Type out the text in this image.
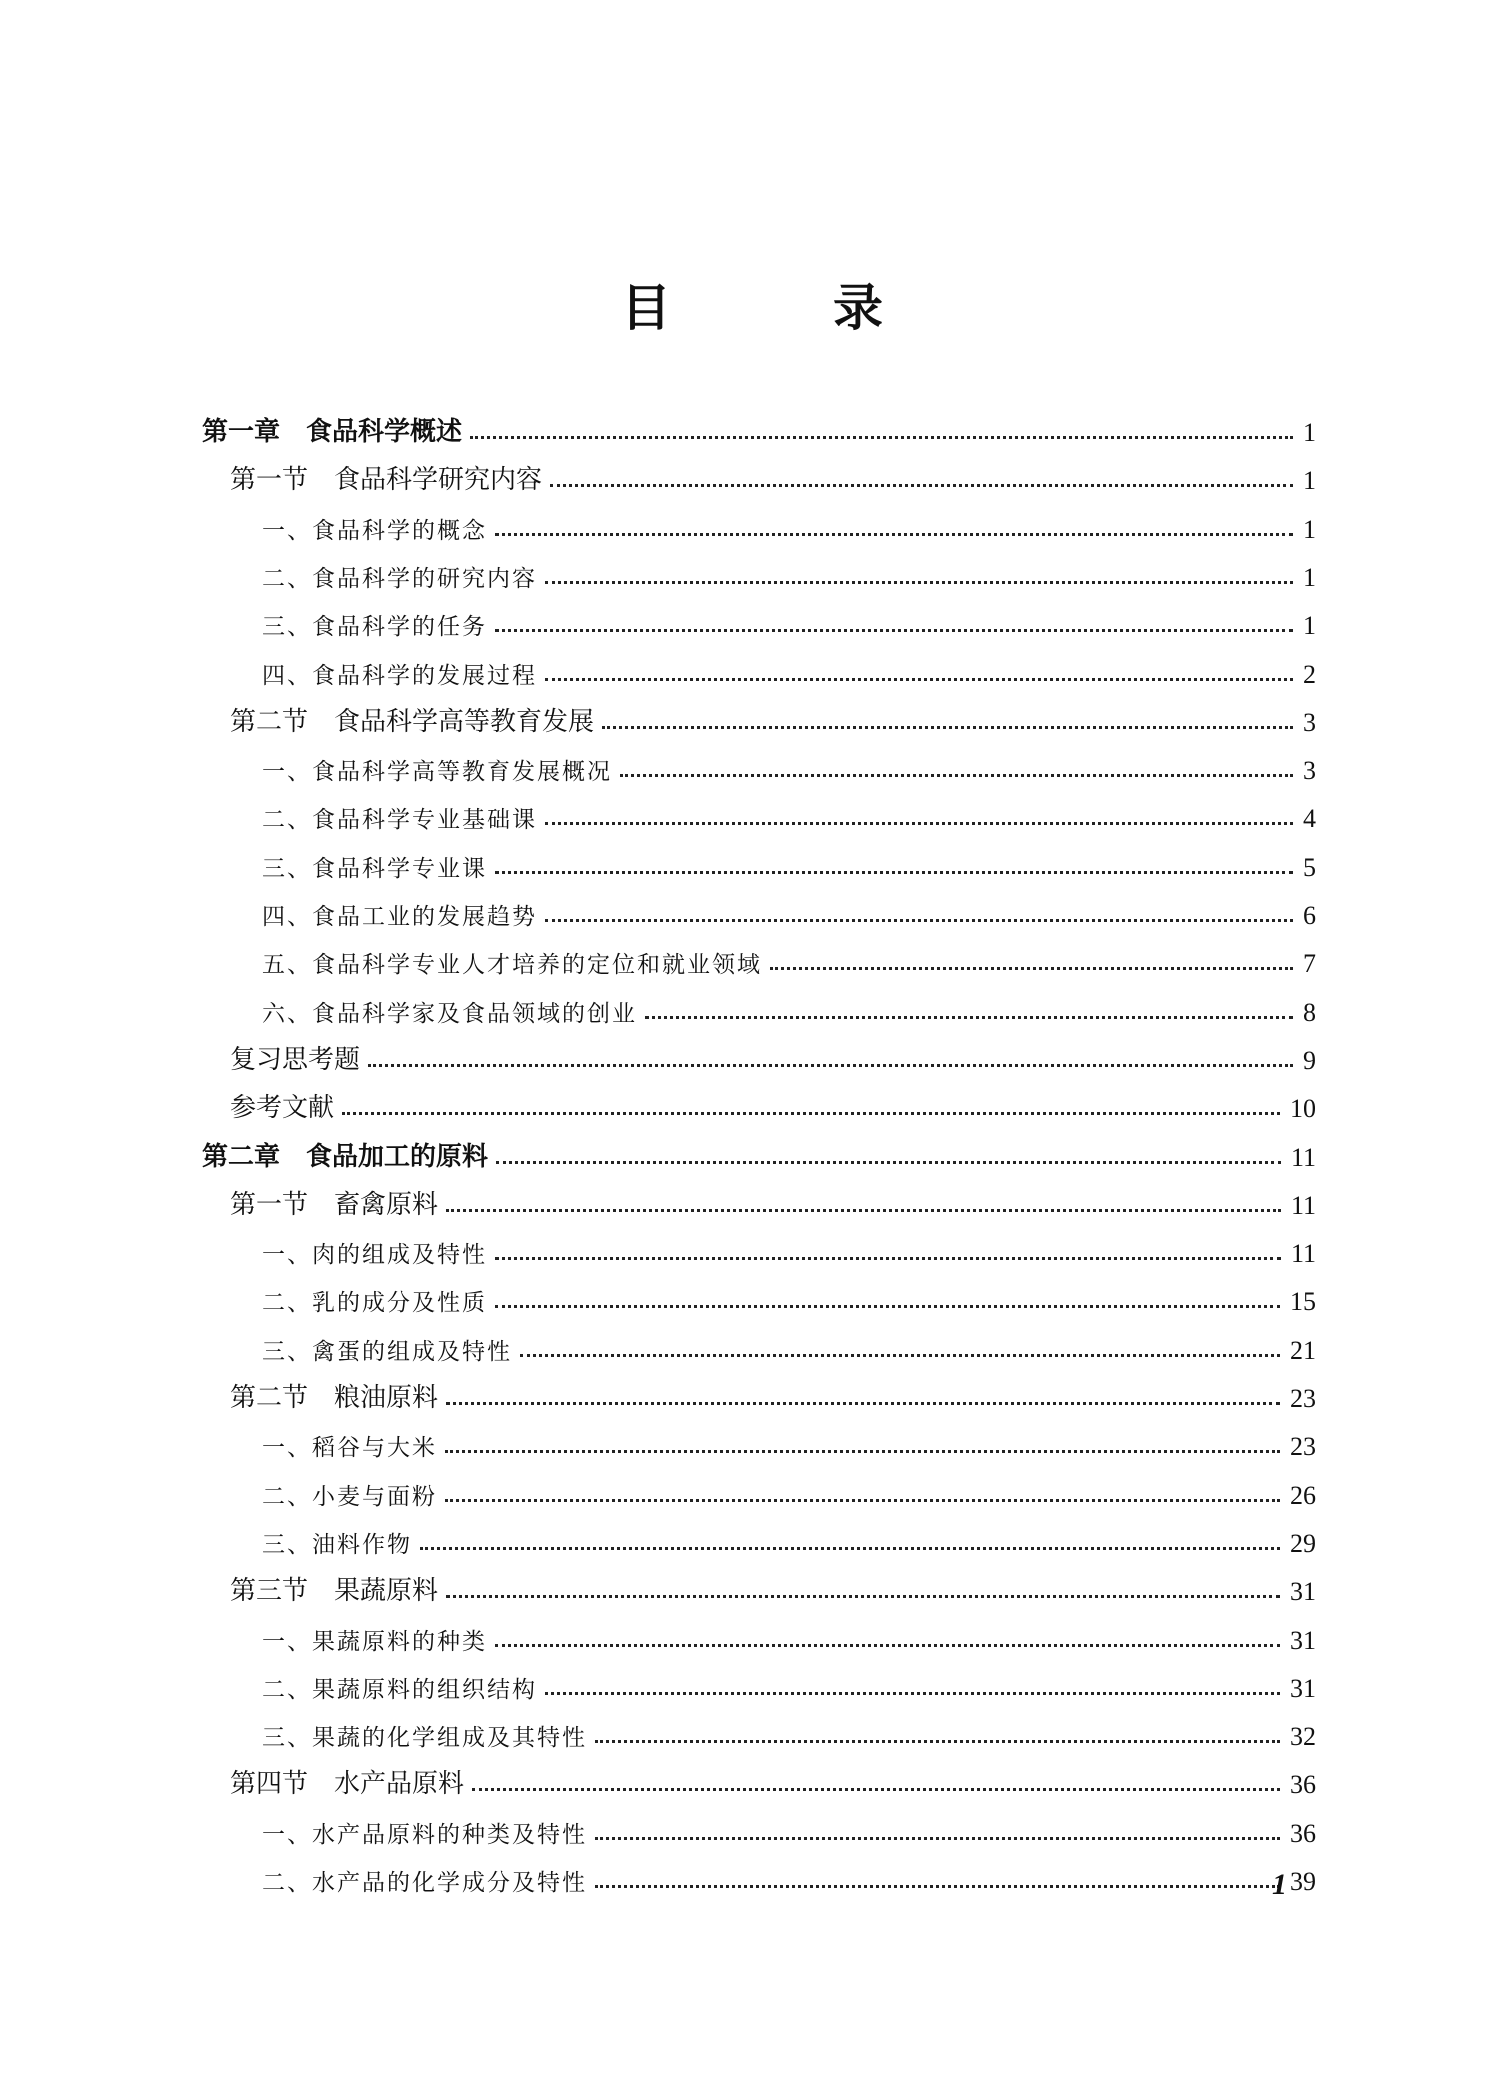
目　录
第一章　食品科学概述	1
第一节　食品科学研究内容	1
一、食品科学的概念	1
二、食品科学的研究内容	1
三、食品科学的任务	1
四、食品科学的发展过程	2
第二节　食品科学高等教育发展	3
一、食品科学高等教育发展概况	3
二、食品科学专业基础课	4
三、食品科学专业课	5
四、食品工业的发展趋势	6
五、食品科学专业人才培养的定位和就业领域	7
六、食品科学家及食品领域的创业	8
复习思考题	9
参考文献	10
第二章　食品加工的原料	11
第一节　畜禽原料	11
一、肉的组成及特性	11
二、乳的成分及性质	15
三、禽蛋的组成及特性	21
第二节　粮油原料	23
一、稻谷与大米	23
二、小麦与面粉	26
三、油料作物	29
第三节　果蔬原料	31
一、果蔬原料的种类	31
二、果蔬原料的组织结构	31
三、果蔬的化学组成及其特性	32
第四节　水产品原料	36
一、水产品原料的种类及特性	36
二、水产品的化学成分及特性	39
1
